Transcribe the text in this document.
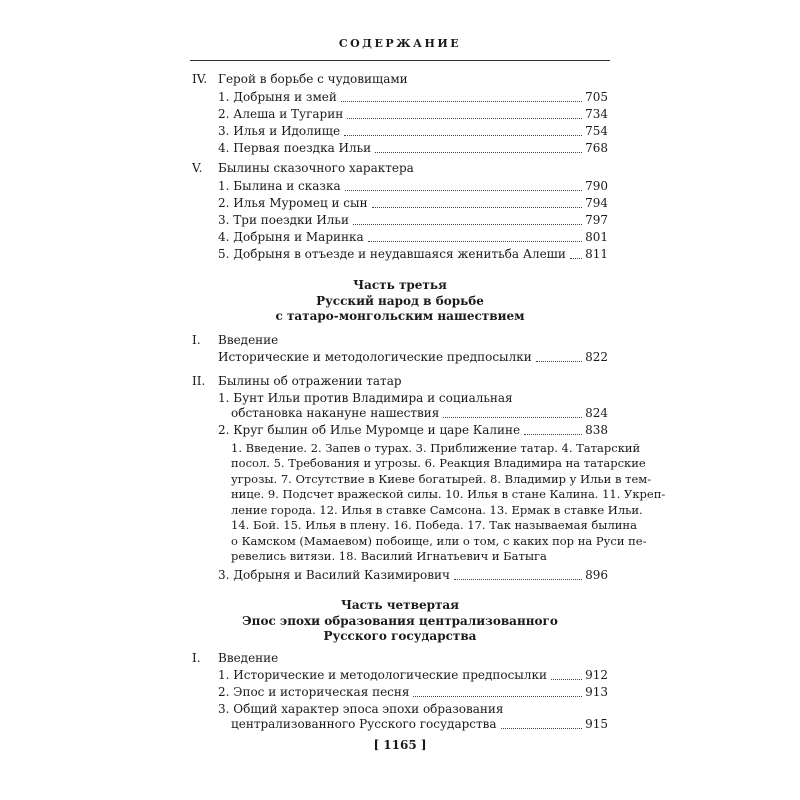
СОДЕРЖАНИЕ
IV. Герой в борьбе с чудовищами
1. Добрыня и змей	705
2. Алеша и Тугарин	734
3. Илья и Идолище	754
4. Первая поездка Ильи	768
V. Былины сказочного характера
1. Былина и сказка	790
2. Илья Муромец и сын	794
3. Три поездки Ильи	797
4. Добрыня и Маринка	801
5. Добрыня в отъезде и неудавшаяся женитьба Алеши 811
Часть третья
Русский народ в борьбе
с татаро-монгольским нашествием
I. Введение
Исторические и методологические предпосылки	822
II. Былины об отражении татар
1. Бунт Ильи против Владимира и социальная
обстановка накануне нашествия	824
2. Круг былин об Илье Муромце и царе Калине	838
1. Введение. 2. Запев о турах. 3. Приближение татар. 4. Татарский
посол. 5. Требования и угрозы. 6. Реакция Владимира на татарские
угрозы. 7. Отсутствие в Киеве богатырей. 8. Владимир у Ильи в тем-
нице. 9. Подсчет вражеской силы. 10. Илья в стане Калина. 11. Укреп-
ление города. 12. Илья в ставке Самсона. 13. Ермак в ставке Ильи.
14. Бой. 15. Илья в плену. 16. Победа. 17. Так называемая былина
о Камском (Мамаевом) побоище, или о том, с каких пор на Руси пе-
ревелись витязи. 18. Василий Игнатьевич и Батыга
3. Добрыня и Василий Казимирович	896
Часть четвертая
Эпос эпохи образования централизованного
Русского государства
I. Введение
1. Исторические и методологические предпосылки	912
2. Эпос и историческая песня	913
3. Общий характер эпоса эпохи образования
централизованного Русского государства	915
[ 1165 ]
